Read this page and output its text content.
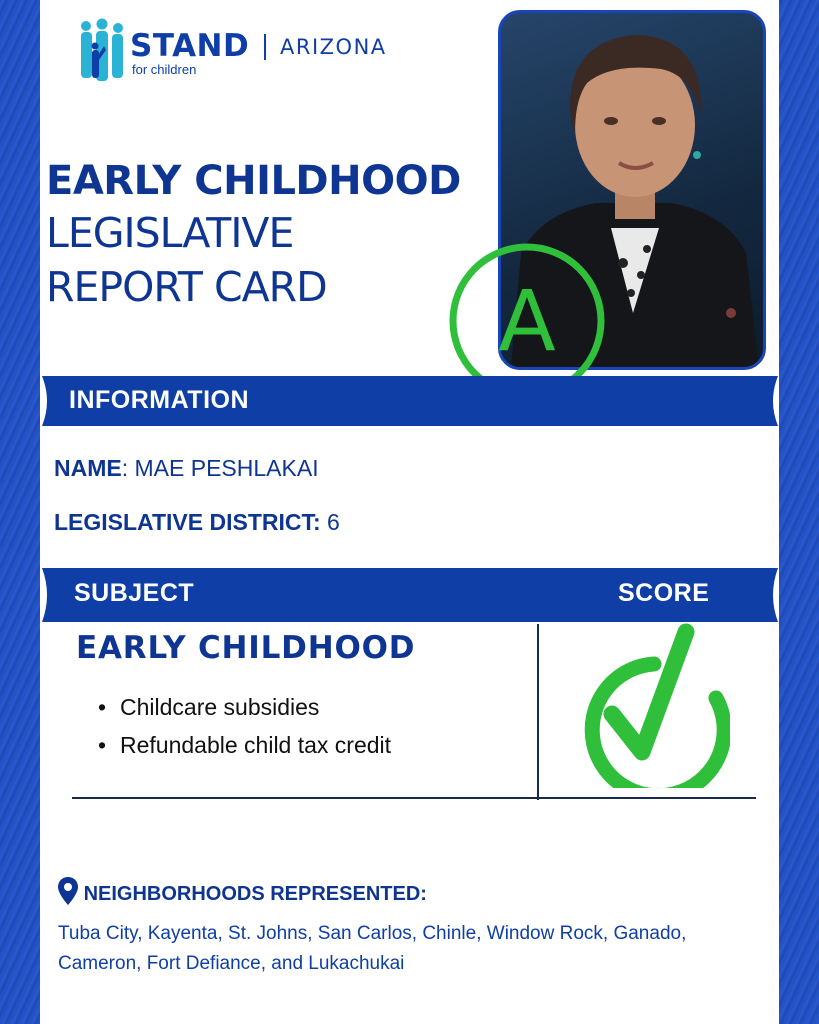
STAND
for children
ARIZONA
EARLY CHILDHOOD
LEGISLATIVE
REPORT CARD	A
INFORMATION
NAME: MAE PESHLAKAI
LEGISLATIVE DISTRICT: 6
SUBJECT	SCORE
EARLY CHILDHOOD
• Childcare subsidies
• Refundable child tax credit
NEIGHBORHOODS REPRESENTED:
Tuba City, Kayenta, St. Johns, San Carlos, Chinle, Window Rock, Ganado, Cameron, Fort Defiance, and Lukachukai
